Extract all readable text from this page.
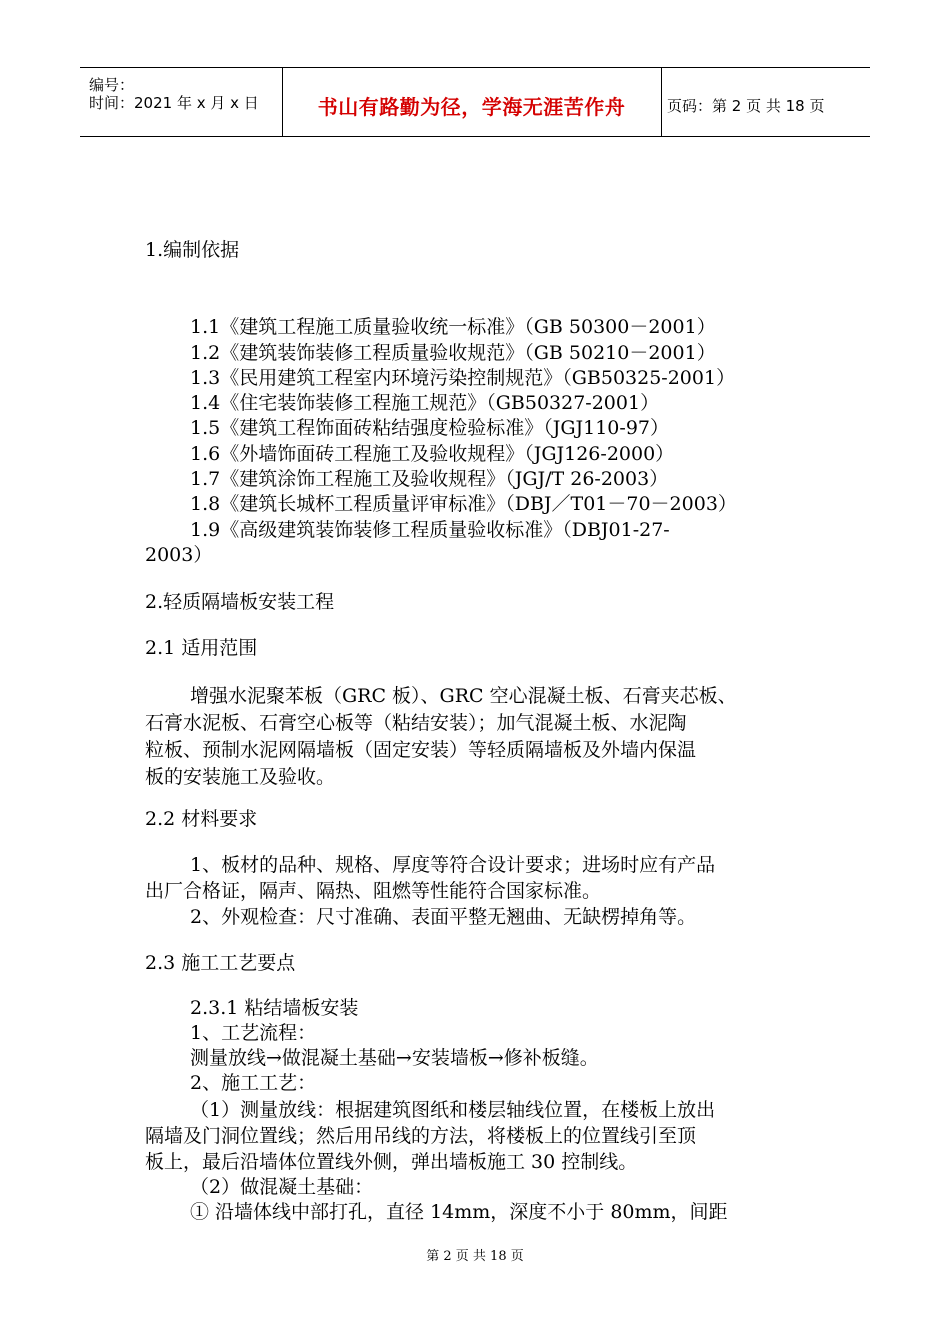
编号：
时间：2021 年 x 月 x 日	书山有路勤为径，学海无涯苦作舟	页码：第 2 页 共 18 页
1.编制依据
1.1《建筑工程施工质量验收统一标准》（GB 50300－2001）
1.2《建筑装饰装修工程质量验收规范》（GB 50210－2001）
1.3《民用建筑工程室内环境污染控制规范》（GB50325-2001）
1.4《住宅装饰装修工程施工规范》（GB50327-2001）
1.5《建筑工程饰面砖粘结强度检验标准》（JGJ110-97）
1.6《外墙饰面砖工程施工及验收规程》（JGJ126-2000）
1.7《建筑涂饰工程施工及验收规程》（JGJ/T 26-2003）
1.8《建筑长城杯工程质量评审标准》（DBJ／T01－70－2003）
1.9《高级建筑装饰装修工程质量验收标准》（DBJ01-27-
2003）
2.轻质隔墙板安装工程
2.1 适用范围
增强水泥聚苯板（GRC 板）、GRC 空心混凝土板、石膏夹芯板、
石膏水泥板、石膏空心板等（粘结安装）；加气混凝土板、水泥陶
粒板、预制水泥网隔墙板（固定安装）等轻质隔墙板及外墙内保温
板的安装施工及验收。
2.2 材料要求
1、板材的品种、规格、厚度等符合设计要求；进场时应有产品
出厂合格证，隔声、隔热、阻燃等性能符合国家标准。
2、外观检查：尺寸准确、表面平整无翘曲、无缺楞掉角等。
2.3 施工工艺要点
2.3.1 粘结墙板安装
1、工艺流程：
测量放线→做混凝土基础→安装墙板→修补板缝。
2、施工工艺：
（1）测量放线：根据建筑图纸和楼层轴线位置，在楼板上放出
隔墙及门洞位置线；然后用吊线的方法，将楼板上的位置线引至顶
板上，最后沿墙体位置线外侧，弹出墙板施工 30 控制线。
（2）做混凝土基础：
① 沿墙体线中部打孔，直径 14mm，深度不小于 80mm，间距
第 2 页 共 18 页
